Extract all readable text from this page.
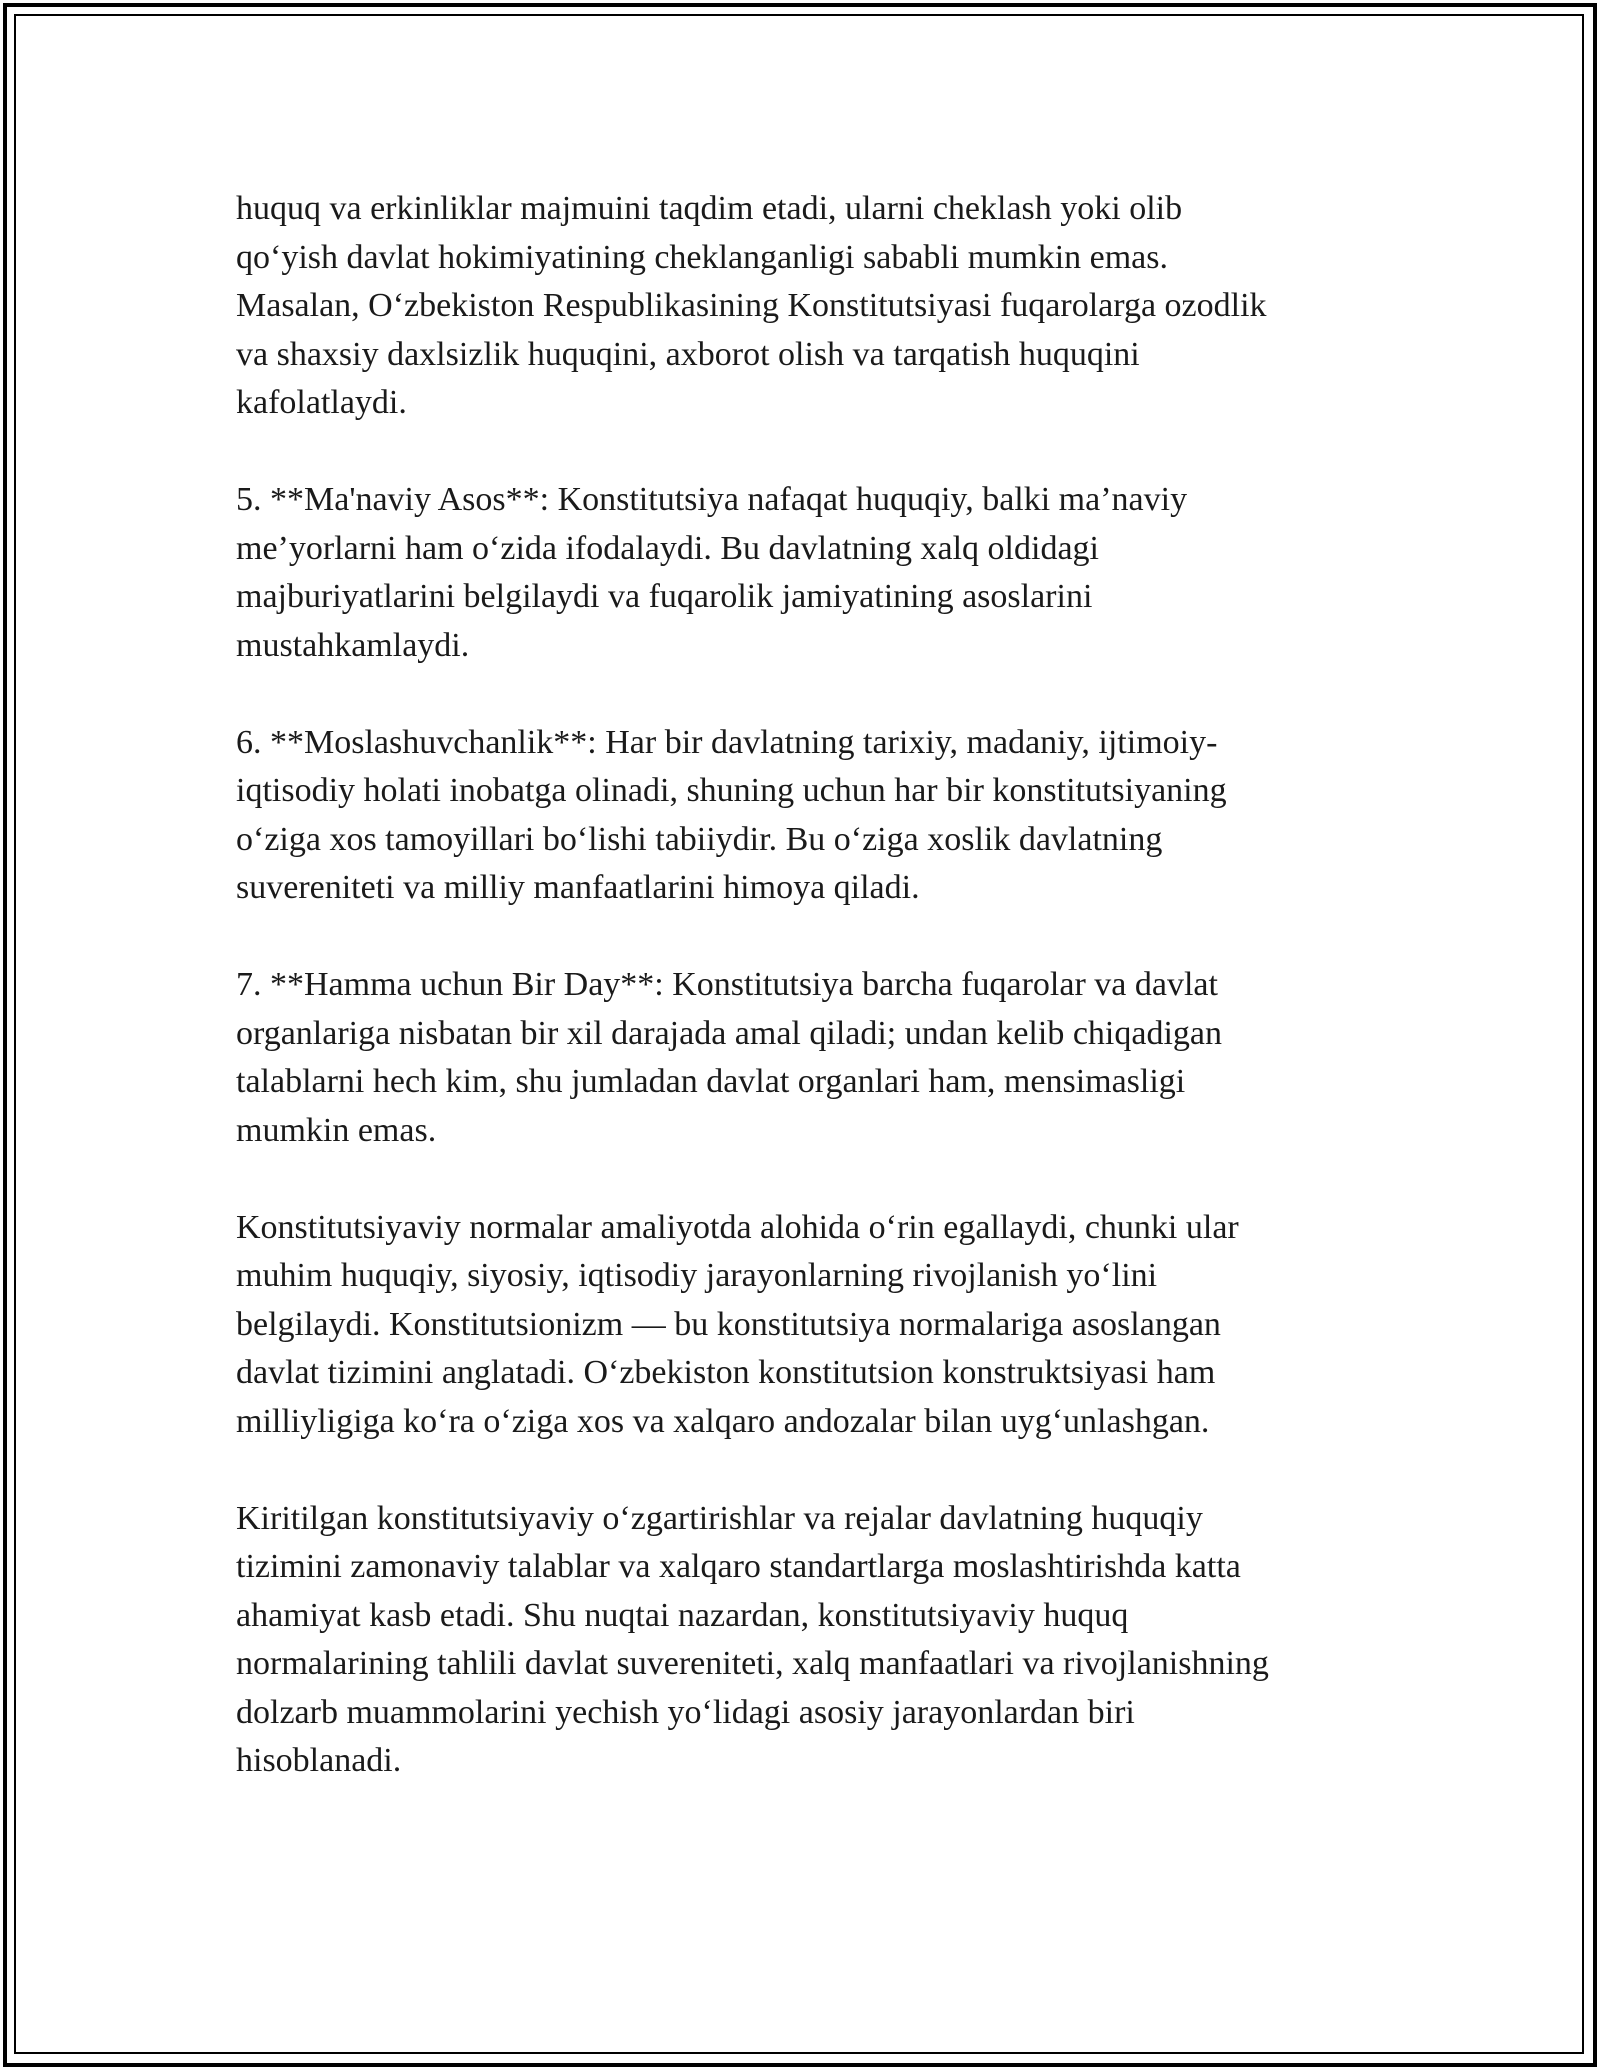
huquq va erkinliklar majmuini taqdim etadi, ularni cheklash yoki olib
qo‘yish davlat hokimiyatining cheklanganligi sababli mumkin emas.
Masalan, O‘zbekiston Respublikasining Konstitutsiyasi fuqarolarga ozodlik
va shaxsiy daxlsizlik huquqini, axborot olish va tarqatish huquqini
kafolatlaydi.

5. **Ma'naviy Asos**: Konstitutsiya nafaqat huquqiy, balki ma’naviy
me’yorlarni ham o‘zida ifodalaydi. Bu davlatning xalq oldidagi
majburiyatlarini belgilaydi va fuqarolik jamiyatining asoslarini
mustahkamlaydi.

6. **Moslashuvchanlik**: Har bir davlatning tarixiy, madaniy, ijtimoiy-
iqtisodiy holati inobatga olinadi, shuning uchun har bir konstitutsiyaning
o‘ziga xos tamoyillari bo‘lishi tabiiydir. Bu o‘ziga xoslik davlatning
suvereniteti va milliy manfaatlarini himoya qiladi.

7. **Hamma uchun Bir Day**: Konstitutsiya barcha fuqarolar va davlat
organlariga nisbatan bir xil darajada amal qiladi; undan kelib chiqadigan
talablarni hech kim, shu jumladan davlat organlari ham, mensimasligi
mumkin emas.

Konstitutsiyaviy normalar amaliyotda alohida o‘rin egallaydi, chunki ular
muhim huquqiy, siyosiy, iqtisodiy jarayonlarning rivojlanish yo‘lini
belgilaydi. Konstitutsionizm — bu konstitutsiya normalariga asoslangan
davlat tizimini anglatadi. O‘zbekiston konstitutsion konstruktsiyasi ham
milliyligiga ko‘ra o‘ziga xos va xalqaro andozalar bilan uyg‘unlashgan.

Kiritilgan konstitutsiyaviy o‘zgartirishlar va rejalar davlatning huquqiy
tizimini zamonaviy talablar va xalqaro standartlarga moslashtirishda katta
ahamiyat kasb etadi. Shu nuqtai nazardan, konstitutsiyaviy huquq
normalarining tahlili davlat suvereniteti, xalq manfaatlari va rivojlanishning
dolzarb muammolarini yechish yo‘lidagi asosiy jarayonlardan biri
hisoblanadi.
